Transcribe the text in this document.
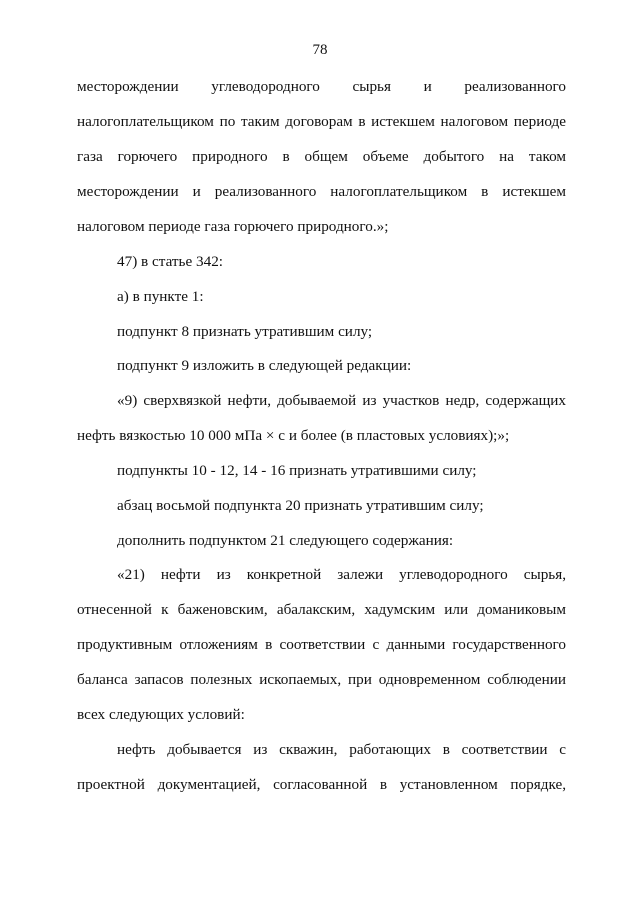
78
месторождении углеводородного сырья и реализованного
налогоплательщиком по таким договорам в истекшем налоговом периоде
газа горючего природного в общем объеме добытого на таком
месторождении и реализованного налогоплательщиком в истекшем
налоговом периоде газа горючего природного.»;
47) в статье 342:
а) в пункте 1:
подпункт 8 признать утратившим силу;
подпункт 9 изложить в следующей редакции:
«9) сверхвязкой нефти, добываемой из участков недр, содержащих
нефть вязкостью 10 000 мПа × с и более (в пластовых условиях);»;
подпункты 10 - 12, 14 - 16 признать утратившими силу;
абзац восьмой подпункта 20 признать утратившим силу;
дополнить подпунктом 21 следующего содержания:
«21) нефти из конкретной залежи углеводородного сырья,
отнесенной к баженовским, абалакским, хадумским или доманиковым
продуктивным отложениям в соответствии с данными государственного
баланса запасов полезных ископаемых, при одновременном соблюдении
всех следующих условий:
нефть добывается из скважин, работающих в соответствии с
проектной документацией, согласованной в установленном порядке,
